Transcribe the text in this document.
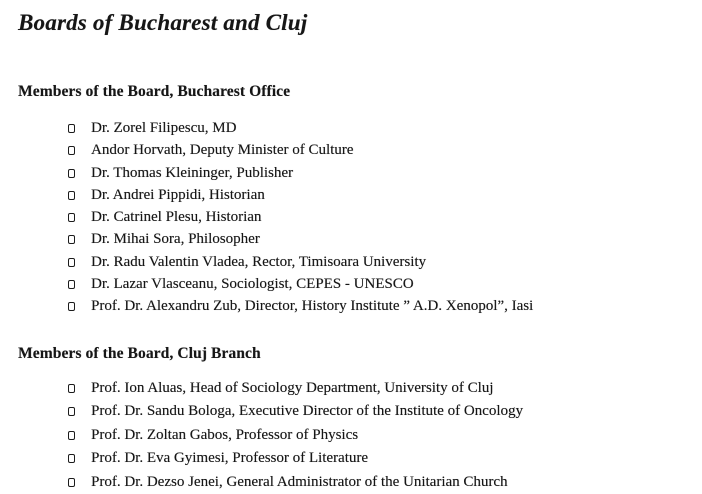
Boards of Bucharest and Cluj
Members of the Board, Bucharest Office
Dr. Zorel Filipescu, MD
Andor Horvath, Deputy Minister of Culture
Dr. Thomas Kleininger, Publisher
Dr. Andrei Pippidi, Historian
Dr. Catrinel Plesu, Historian
Dr. Mihai Sora, Philosopher
Dr. Radu Valentin Vladea, Rector, Timisoara University
Dr. Lazar Vlasceanu, Sociologist, CEPES - UNESCO
Prof. Dr. Alexandru Zub, Director, History Institute ” A.D. Xenopol”, Iasi
Members of the Board, Cluj Branch
Prof. Ion Aluas, Head of Sociology Department, University of Cluj
Prof. Dr. Sandu Bologa, Executive Director of the Institute of Oncology
Prof. Dr. Zoltan Gabos, Professor of Physics
Prof. Dr. Eva Gyimesi, Professor of Literature
Prof. Dr. Dezso Jenei, General Administrator of the Unitarian Church
